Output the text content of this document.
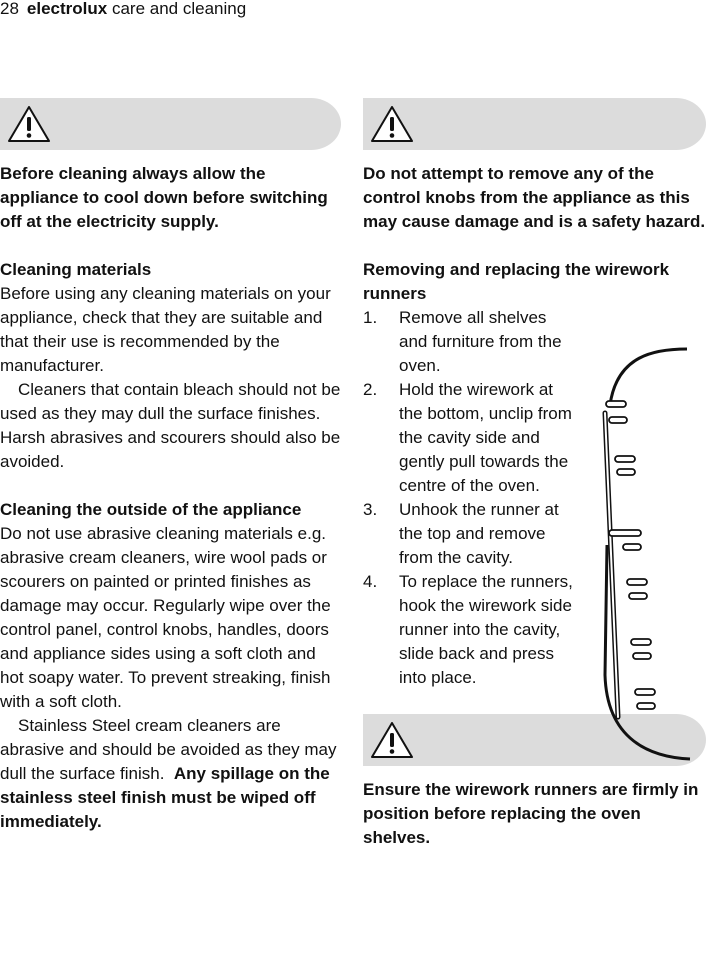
28 electrolux care and cleaning

Before cleaning always allow the appliance to cool down before switching off at the electricity supply.

Cleaning materials

Before using any cleaning materials on your appliance, check that they are suitable and that their use is recommended by the manufacturer.

Cleaners that contain bleach should not be used as they may dull the surface finishes. Harsh abrasives and scourers should also be avoided.

Cleaning the outside of the appliance

Do not use abrasive cleaning materials e.g. abrasive cream cleaners, wire wool pads or scourers on painted or printed finishes as damage may occur. Regularly wipe over the control panel, control knobs, handles, doors and appliance sides using a soft cloth and hot soapy water. To prevent streaking, finish with a soft cloth.

Stainless Steel cream cleaners are abrasive and should be avoided as they may dull the surface finish. Any spillage on the stainless steel finish must be wiped off immediately.

Do not attempt to remove any of the control knobs from the appliance as this may cause damage and is a safety hazard.

Removing and replacing the wirework runners

1. Remove all shelves and furniture from the oven.
2. Hold the wirework at the bottom, unclip from the cavity side and gently pull towards the centre of the oven.
3. Unhook the runner at the top and remove from the cavity.
4. To replace the runners, hook the wirework side runner into the cavity, slide back and press into place.

Ensure the wirework runners are firmly in position before replacing the oven shelves.
